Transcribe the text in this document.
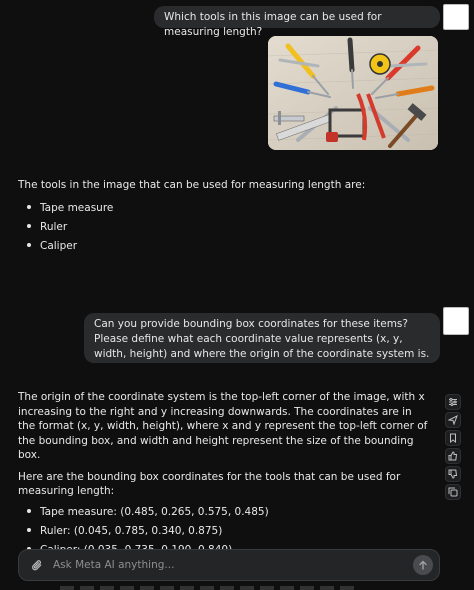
Which tools in this image can be used for measuring length?

The tools in the image that can be used for measuring length are:

Tape measure
Ruler
Caliper
Can you provide bounding box coordinates for these items? Please define what each coordinate value represents (x, y, width, height) and where the origin of the coordinate system is.

The origin of the coordinate system is the top-left corner of the image, with x increasing to the right and y increasing downwards. The coordinates are in the format (x, y, width, height), where x and y represent the top-left corner of the bounding box, and width and height represent the size of the bounding box.

Here are the bounding box coordinates for the tools that can be used for measuring length:

Tape measure: (0.485, 0.265, 0.575, 0.485)
Ruler: (0.045, 0.785, 0.340, 0.875)
Ask Meta AI anything...
